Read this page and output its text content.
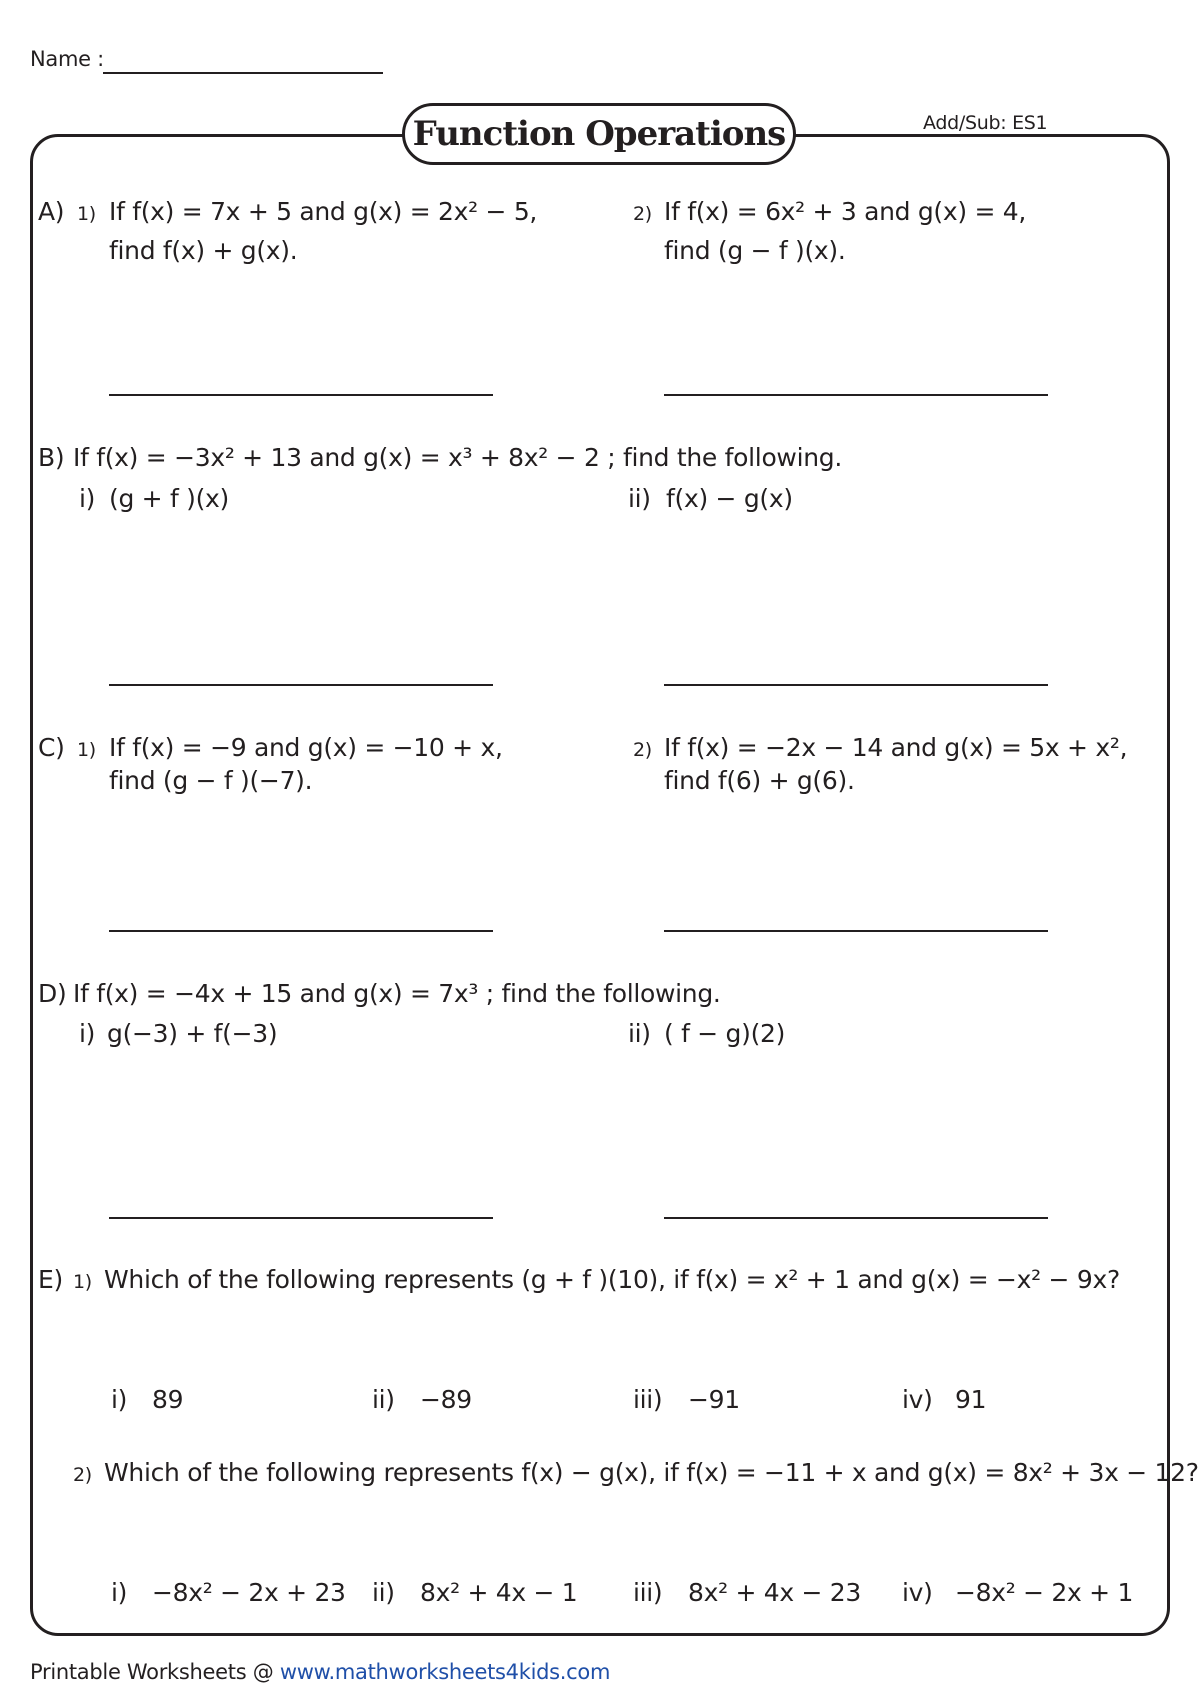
Name :
Function Operations	Add/Sub: ES1
A) 1) If f(x) = 7x + 5 and g(x) = 2x² − 5,
find f(x) + g(x).
2) If f(x) = 6x² + 3 and g(x) = 4,
find (g − f )(x).
B) If f(x) = −3x² + 13 and g(x) = x³ + 8x² − 2 ; find the following.
i) (g + f )(x)	ii) f(x) − g(x)
C) 1) If f(x) = −9 and g(x) = −10 + x,
find (g − f )(−7).
2) If f(x) = −2x − 14 and g(x) = 5x + x²,
find f(6) + g(6).
D) If f(x) = −4x + 15 and g(x) = 7x³ ; find the following.
i) g(−3) + f(−3)	ii) ( f − g)(2)
E) 1) Which of the following represents (g + f )(10), if f(x) = x² + 1 and g(x) = −x² − 9x?
i) 89	ii) −89	iii) −91	iv) 91
2) Which of the following represents f(x) − g(x), if f(x) = −11 + x and g(x) = 8x² + 3x − 12?
i) −8x² − 2x + 23 ii) 8x² + 4x − 1 iii) 8x² + 4x − 23 iv) −8x² − 2x + 1
Printable Worksheets @ www.mathworksheets4kids.com
